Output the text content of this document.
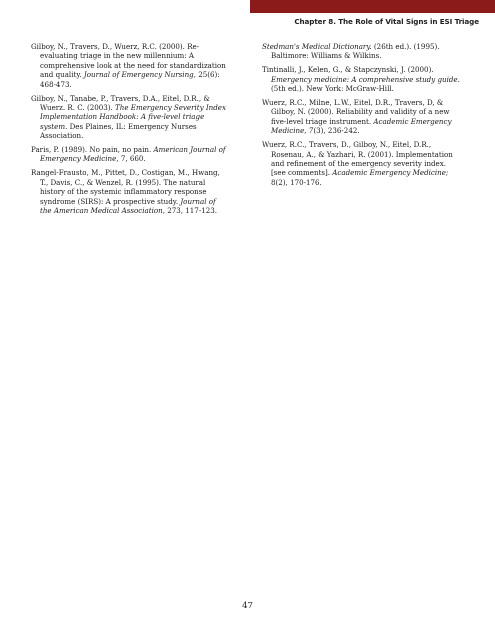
Chapter 8. The Role of Vital Signs in ESI Triage

Gilboy, N., Travers, D., Wuerz, R.C. (2000). Re-evaluating triage in the new millennium: A comprehensive look at the need for standardization and quality. Journal of Emergency Nursing, 25(6): 468-473.

Gilboy, N., Tanabe, P., Travers, D.A., Eitel, D.R., & Wuerz. R. C. (2003). The Emergency Severity Index Implementation Handbook: A five-level triage system. Des Plaines, IL: Emergency Nurses Association.

Paris, P. (1989). No pain, no pain. American Journal of Emergency Medicine, 7, 660.

Rangel-Frausto, M., Pittet, D., Costigan, M., Hwang, T., Davis, C., & Wenzel, R. (1995). The natural history of the systemic inflammatory response syndrome (SIRS): A prospective study. Journal of the American Medical Association, 273, 117-123.

Stedman's Medical Dictionary. (26th ed.). (1995). Baltimore: Williams & Wilkins.

Tintinalli, J., Kelen, G., & Stapczynski, J. (2000). Emergency medicine: A comprehensive study guide. (5th ed.). New York: McGraw-Hill.

Wuerz, R.C., Milne, L.W., Eitel, D.R., Travers, D, & Gilboy, N. (2000). Reliability and validity of a new five-level triage instrument. Academic Emergency Medicine, 7(3), 236-242.

Wuerz, R.C., Travers, D., Gilboy, N., Eitel, D.R., Rosenau, A., & Yazhari, R. (2001). Implementation and refinement of the emergency severity index. [see comments]. Academic Emergency Medicine; 8(2), 170-176.

47
